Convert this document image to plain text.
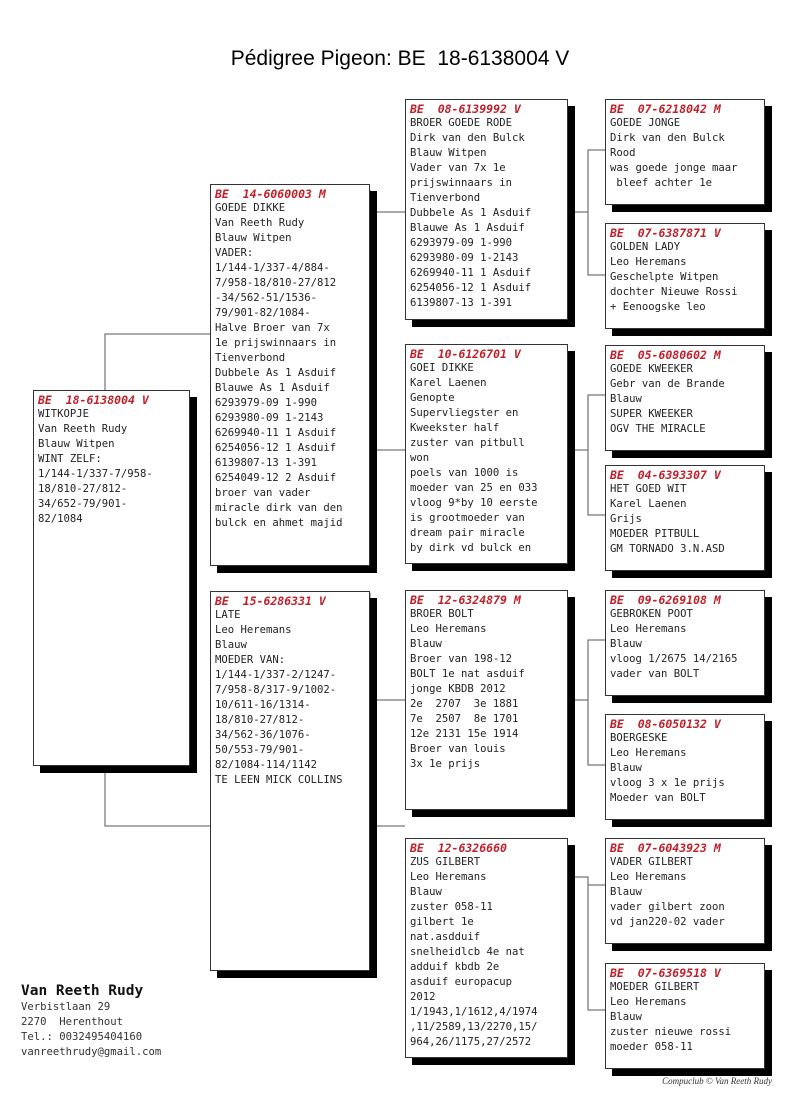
Pédigree Pigeon: BE  18-6138004 V
BE  18-6138004 V
WITKOPJE
Van Reeth Rudy
Blauw Witpen
WINT ZELF:
1/144-1/337-7/958-
18/810-27/812-
34/652-79/901-
82/1084
BE  14-6060003 M
GOEDE DIKKE
Van Reeth Rudy
Blauw Witpen
VADER:
1/144-1/337-4/884-
7/958-18/810-27/812
-34/562-51/1536-
79/901-82/1084-
Halve Broer van 7x
1e prijswinnaars in
Tienverbond
Dubbele As 1 Asduif
Blauwe As 1 Asduif
6293979-09 1-990
6293980-09 1-2143
6269940-11 1 Asduif
6254056-12 1 Asduif
6139807-13 1-391
6254049-12 2 Asduif
broer van vader
miracle dirk van den
bulck en ahmet majid
BE  15-6286331 V
LATE
Leo Heremans
Blauw
MOEDER VAN:
1/144-1/337-2/1247-
7/958-8/317-9/1002-
10/611-16/1314-
18/810-27/812-
34/562-36/1076-
50/553-79/901-
82/1084-114/1142
TE LEEN MICK COLLINS
BE  08-6139992 V
BROER GOEDE RODE
Dirk van den Bulck
Blauw Witpen
Vader van 7x 1e
prijswinnaars in
Tienverbond
Dubbele As 1 Asduif
Blauwe As 1 Asduif
6293979-09 1-990
6293980-09 1-2143
6269940-11 1 Asduif
6254056-12 1 Asduif
6139807-13 1-391
BE  10-6126701 V
GOEI DIKKE
Karel Laenen
Genopte
Supervliegster en
Kweekster half
zuster van pitbull
won
poels van 1000 is
moeder van 25 en 033
vloog 9*by 10 eerste
is grootmoeder van
dream pair miracle
by dirk vd bulck en
BE  12-6324879 M
BROER BOLT
Leo Heremans
Blauw
Broer van 198-12
BOLT 1e nat asduif
jonge KBDB 2012
2e  2707  3e 1881
7e  2507  8e 1701
12e 2131 15e 1914
Broer van louis
3x 1e prijs
BE  12-6326660
ZUS GILBERT
Leo Heremans
Blauw
zuster 058-11
gilbert 1e
nat.asdduif
snelheidlcb 4e nat
adduif kbdb 2e
asduif europacup
2012
1/1943,1/1612,4/1974
,11/2589,13/2270,15/
964,26/1175,27/2572
BE  07-6218042 M
GOEDE JONGE
Dirk van den Bulck
Rood
was goede jonge maar
bleef achter 1e
BE  07-6387871 V
GOLDEN LADY
Leo Heremans
Geschelpte Witpen
dochter Nieuwe Rossi
+ Eenoogske leo
BE  05-6080602 M
GOEDE KWEEKER
Gebr van de Brande
Blauw
SUPER KWEEKER
OGV THE MIRACLE
BE  04-6393307 V
HET GOED WIT
Karel Laenen
Grijs
MOEDER PITBULL
GM TORNADO 3.N.ASD
BE  09-6269108 M
GEBROKEN POOT
Leo Heremans
Blauw
vloog 1/2675 14/2165
vader van BOLT
BE  08-6050132 V
BOERGESKE
Leo Heremans
Blauw
vloog 3 x 1e prijs
Moeder van BOLT
BE  07-6043923 M
VADER GILBERT
Leo Heremans
Blauw
vader gilbert zoon
vd jan220-02 vader
BE  07-6369518 V
MOEDER GILBERT
Leo Heremans
Blauw
zuster nieuwe rossi
moeder 058-11
Van Reeth Rudy
Verbistlaan 29
2270  Herenthout
Tel.: 0032495404160
vanreethrudy@gmail.com
Compuclub © Van Reeth Rudy
